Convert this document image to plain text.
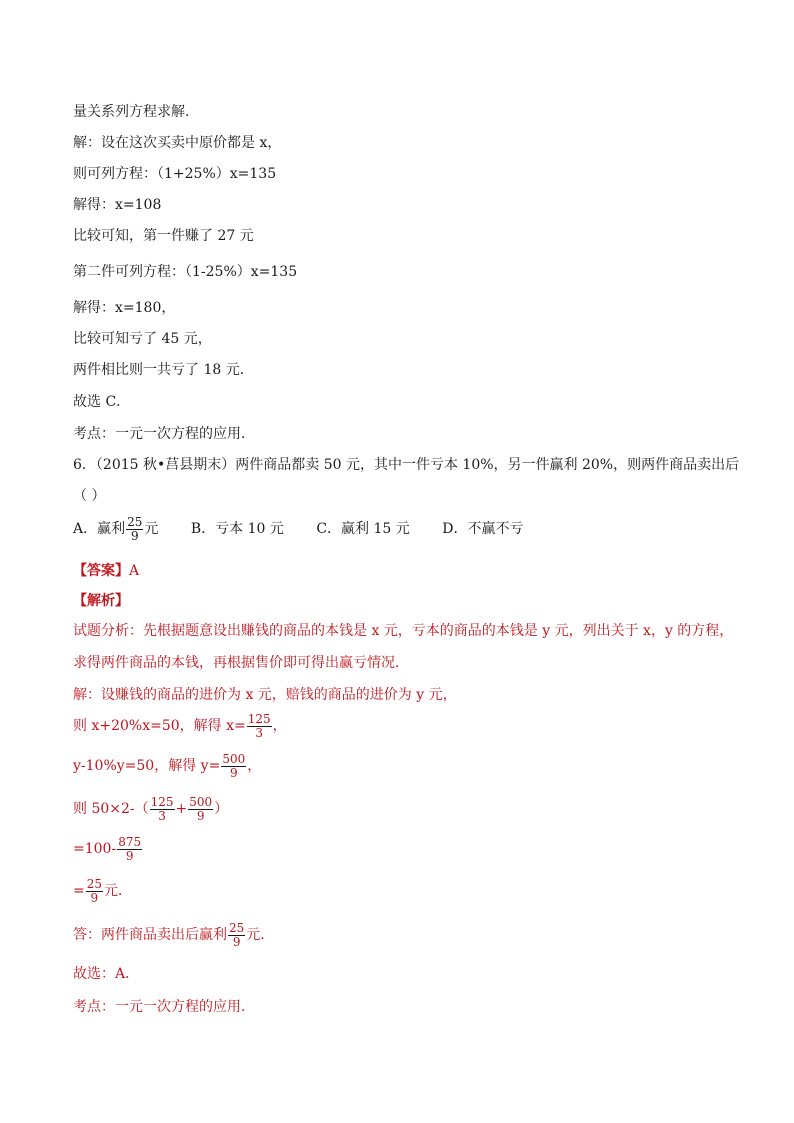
量关系列方程求解．
解：设在这次买卖中原价都是 x，
则可列方程：（1+25%）x=135
解得：x=108
比较可知，第一件赚了 27 元
第二件可列方程：（1-25%）x=135
解得：x=180，
比较可知亏了 45 元，
两件相比则一共亏了 18 元．
故选 C．
考点：一元一次方程的应用．
6．（2015 秋•莒县期末）两件商品都卖 50 元，其中一件亏本 10%，另一件赢利 20%，则两件商品卖出后
（ ）
A．赢利 $\frac{25}{9}$ 元 B．亏本 10 元 C．赢利 15 元 D．不赢不亏
【答案】A
【解析】
试题分析：先根据题意设出赚钱的商品的本钱是 x 元，亏本的商品的本钱是 y 元，列出关于 x，y 的方程，
求得两件商品的本钱，再根据售价即可得出赢亏情况．
解：设赚钱的商品的进价为 x 元，赔钱的商品的进价为 y 元，
则 x+20%x=50，解得 $x= \frac{125}{3}$ ，
y-10%y=50，解得 $y= \frac{500}{9}$ ，
则 $50\times 2-( \frac{125}{3} + \frac{500}{9}$ ）
$=100- \frac{875}{9}$
= $\frac{25}{9}$ 元．
答：两件商品卖出后赢利 $\frac{25}{9}$ 元．
故选：A．
考点：一元一次方程的应用．
